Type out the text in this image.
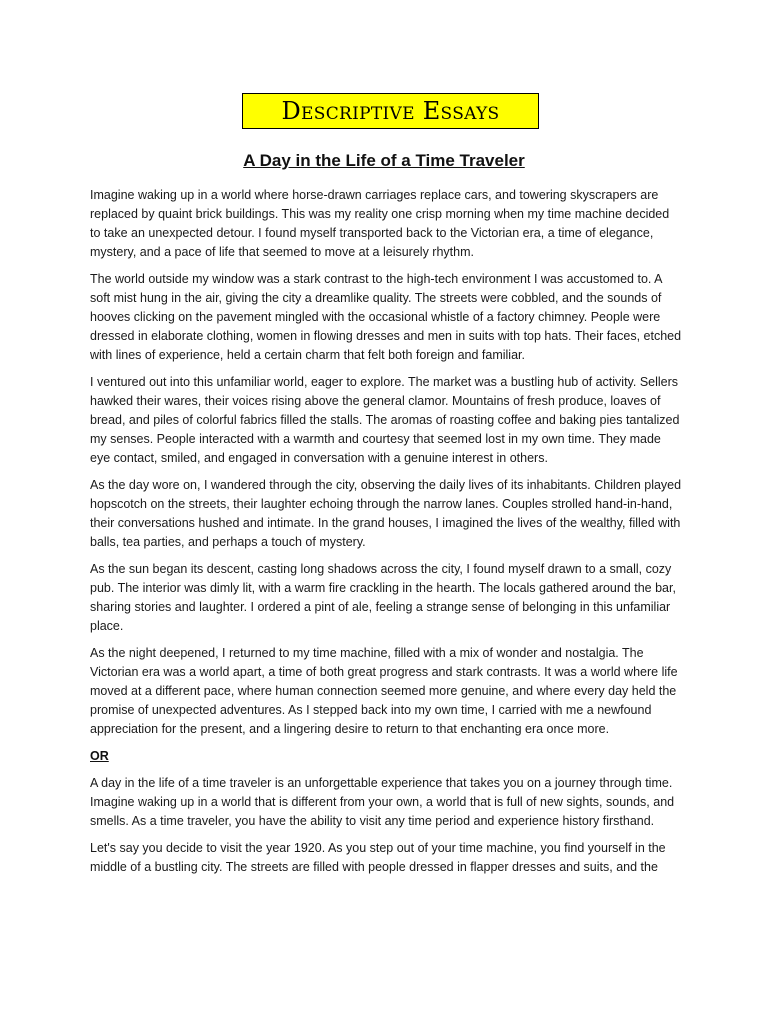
Descriptive Essays
A Day in the Life of a Time Traveler

Imagine waking up in a world where horse-drawn carriages replace cars, and towering skyscrapers are replaced by quaint brick buildings. This was my reality one crisp morning when my time machine decided to take an unexpected detour. I found myself transported back to the Victorian era, a time of elegance, mystery, and a pace of life that seemed to move at a leisurely rhythm.

The world outside my window was a stark contrast to the high-tech environment I was accustomed to. A soft mist hung in the air, giving the city a dreamlike quality. The streets were cobbled, and the sounds of hooves clicking on the pavement mingled with the occasional whistle of a factory chimney. People were dressed in elaborate clothing, women in flowing dresses and men in suits with top hats. Their faces, etched with lines of experience, held a certain charm that felt both foreign and familiar.

I ventured out into this unfamiliar world, eager to explore. The market was a bustling hub of activity. Sellers hawked their wares, their voices rising above the general clamor. Mountains of fresh produce, loaves of bread, and piles of colorful fabrics filled the stalls. The aromas of roasting coffee and baking pies tantalized my senses. People interacted with a warmth and courtesy that seemed lost in my own time. They made eye contact, smiled, and engaged in conversation with a genuine interest in others.

As the day wore on, I wandered through the city, observing the daily lives of its inhabitants. Children played hopscotch on the streets, their laughter echoing through the narrow lanes. Couples strolled hand-in-hand, their conversations hushed and intimate. In the grand houses, I imagined the lives of the wealthy, filled with balls, tea parties, and perhaps a touch of mystery.

As the sun began its descent, casting long shadows across the city, I found myself drawn to a small, cozy pub. The interior was dimly lit, with a warm fire crackling in the hearth. The locals gathered around the bar, sharing stories and laughter. I ordered a pint of ale, feeling a strange sense of belonging in this unfamiliar place.

As the night deepened, I returned to my time machine, filled with a mix of wonder and nostalgia. The Victorian era was a world apart, a time of both great progress and stark contrasts. It was a world where life moved at a different pace, where human connection seemed more genuine, and where every day held the promise of unexpected adventures. As I stepped back into my own time, I carried with me a newfound appreciation for the present, and a lingering desire to return to that enchanting era once more.

OR

A day in the life of a time traveler is an unforgettable experience that takes you on a journey through time. Imagine waking up in a world that is different from your own, a world that is full of new sights, sounds, and smells. As a time traveler, you have the ability to visit any time period and experience history firsthand.

Let's say you decide to visit the year 1920. As you step out of your time machine, you find yourself in the middle of a bustling city. The streets are filled with people dressed in flapper dresses and suits, and the
